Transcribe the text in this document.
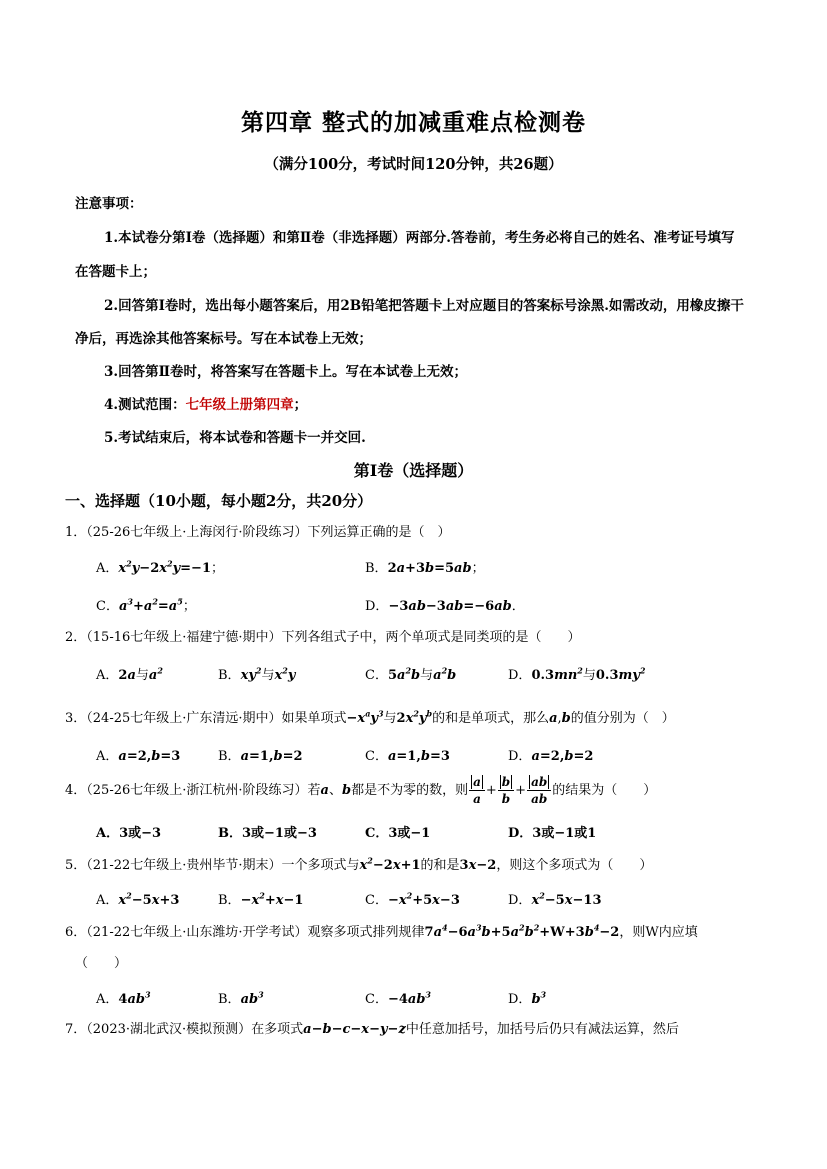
第四章 整式的加减重难点检测卷
（满分100分，考试时间120分钟，共26题）
注意事项：
1.本试卷分第Ⅰ卷（选择题）和第Ⅱ卷（非选择题）两部分.答卷前，考生务必将自己的姓名、准考证号填写
在答题卡上；
2.回答第Ⅰ卷时，选出每小题答案后，用2B铅笔把答题卡上对应题目的答案标号涂黑.如需改动，用橡皮擦干
净后，再选涂其他答案标号。写在本试卷上无效；
3.回答第Ⅱ卷时，将答案写在答题卡上。写在本试卷上无效；
4.测试范围：七年级上册第四章；
5.考试结束后，将本试卷和答题卡一并交回.
第Ⅰ卷（选择题）
一、选择题（10小题，每小题2分，共20分）
1．（25-26七年级上·上海闵行·阶段练习）下列运算正确的是（　）
A．$x^2y-2x^2y=-1$；	B．2a+3b=5ab；
C．$a^3+a^2=a^5$；	D．−3ab−3ab=−6ab．
2．（15-16七年级上·福建宁德·期中）下列各组式子中，两个单项式是同类项的是（　　）
A．2a与$a^2$	B．$xy^2$与$x^2y$	C．$5a^2b$与$a^2b$	D．$0.3mn^2$与$0.3my^2$
3．（24-25七年级上·广东清远·期中）如果单项式$-x^ay^3$与$2x^2y^b$的和是单项式，那么a,b的值分别为（　）
A．a=2,b=3	B．a=1,b=2	C．a=1,b=3	D．a=2,b=2
4．（25-26七年级上·浙江杭州·阶段练习）若a、b都是不为零的数，则 $\frac{a}{a} + \frac{b}{b} + \frac{ab}{ab}$ 的结果为（　　）
A．3或−3	B．3或−1或−3	C．3或−1	D．3或−1或1
5．（21-22七年级上·贵州毕节·期末）一个多项式与$x^2-2x+1$的和是3x−2，则这个多项式为（　　）
A．$x^2-5x+3$	B．$-x^2+x-1$	C．$-x^2+5x-3$	D．$x^2-5x-13$
6．（21-22七年级上·山东潍坊·开学考试）观察多项式排列规律$7a^4-6a^3b+5a^2b^2+W+3b^4-2$，则W内应填
（　　）
A．$4ab^3$	B．$ab^3$	C．$-4ab^3$	D．$b^3$
7．（2023·湖北武汉·模拟预测）在多项式a−b−c−x−y−z中任意加括号，加括号后仍只有减法运算，然后
